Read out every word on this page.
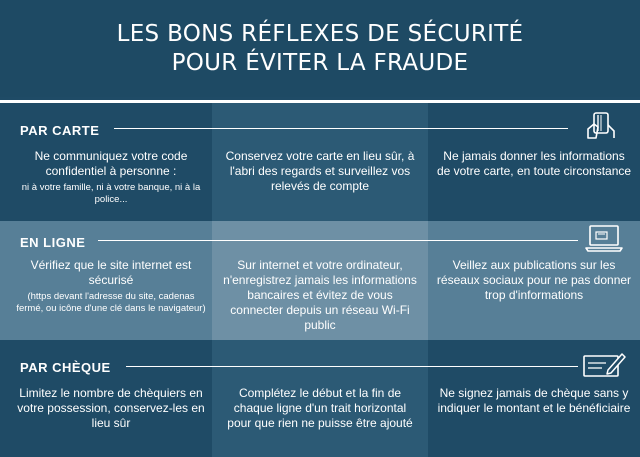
LES BONS RÉFLEXES DE SÉCURITÉ
POUR ÉVITER LA FRAUDE
PAR CARTE
Ne communiquez votre code confidentiel à personne :
ni à votre famille, ni à votre banque, ni à la police...
Conservez votre carte en lieu sûr, à l'abri des regards et surveillez vos relevés de compte
Ne jamais donner les informations de votre carte, en toute circonstance
EN LIGNE
Vérifiez que le site internet est sécurisé
(https devant l'adresse du site, cadenas fermé, ou icône d'une clé dans le navigateur)
Sur internet et votre ordinateur, n'enregistrez jamais les informations bancaires et évitez de vous connecter depuis un réseau Wi-Fi public
Veillez aux publications sur les réseaux sociaux pour ne pas donner trop d'informations
PAR CHÈQUE
Limitez le nombre de chèquiers en votre possession, conservez-les en lieu sûr
Complétez le début et la fin de chaque ligne d'un trait horizontal pour que rien ne puisse être ajouté
Ne signez jamais de chèque sans y indiquer le montant et le bénéficiaire
